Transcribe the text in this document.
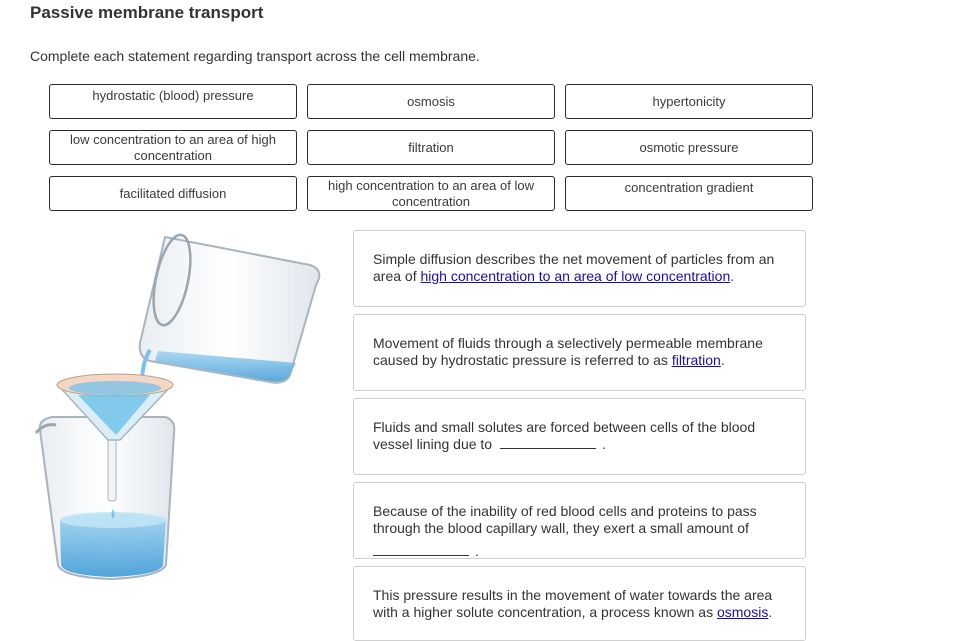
Passive membrane transport
Complete each statement regarding transport across the cell membrane.
hydrostatic (blood) pressure	osmosis	hypertonicity
low concentration to an area of high concentration
filtration	osmotic pressure
facilitated diffusion
high concentration to an area of low concentration
concentration gradient
Simple diffusion describes the net movement of particles from an area of high concentration to an area of low concentration.
Movement of fluids through a selectively permeable membrane caused by hydrostatic pressure is referred to as filtration.
Fluids and small solutes are forced between cells of the blood vessel lining due to	.
Because of the inability of red blood cells and proteins to pass through the blood capillary wall, they exert a small amount of
.
This pressure results in the movement of water towards the area with a higher solute concentration, a process known as osmosis.
